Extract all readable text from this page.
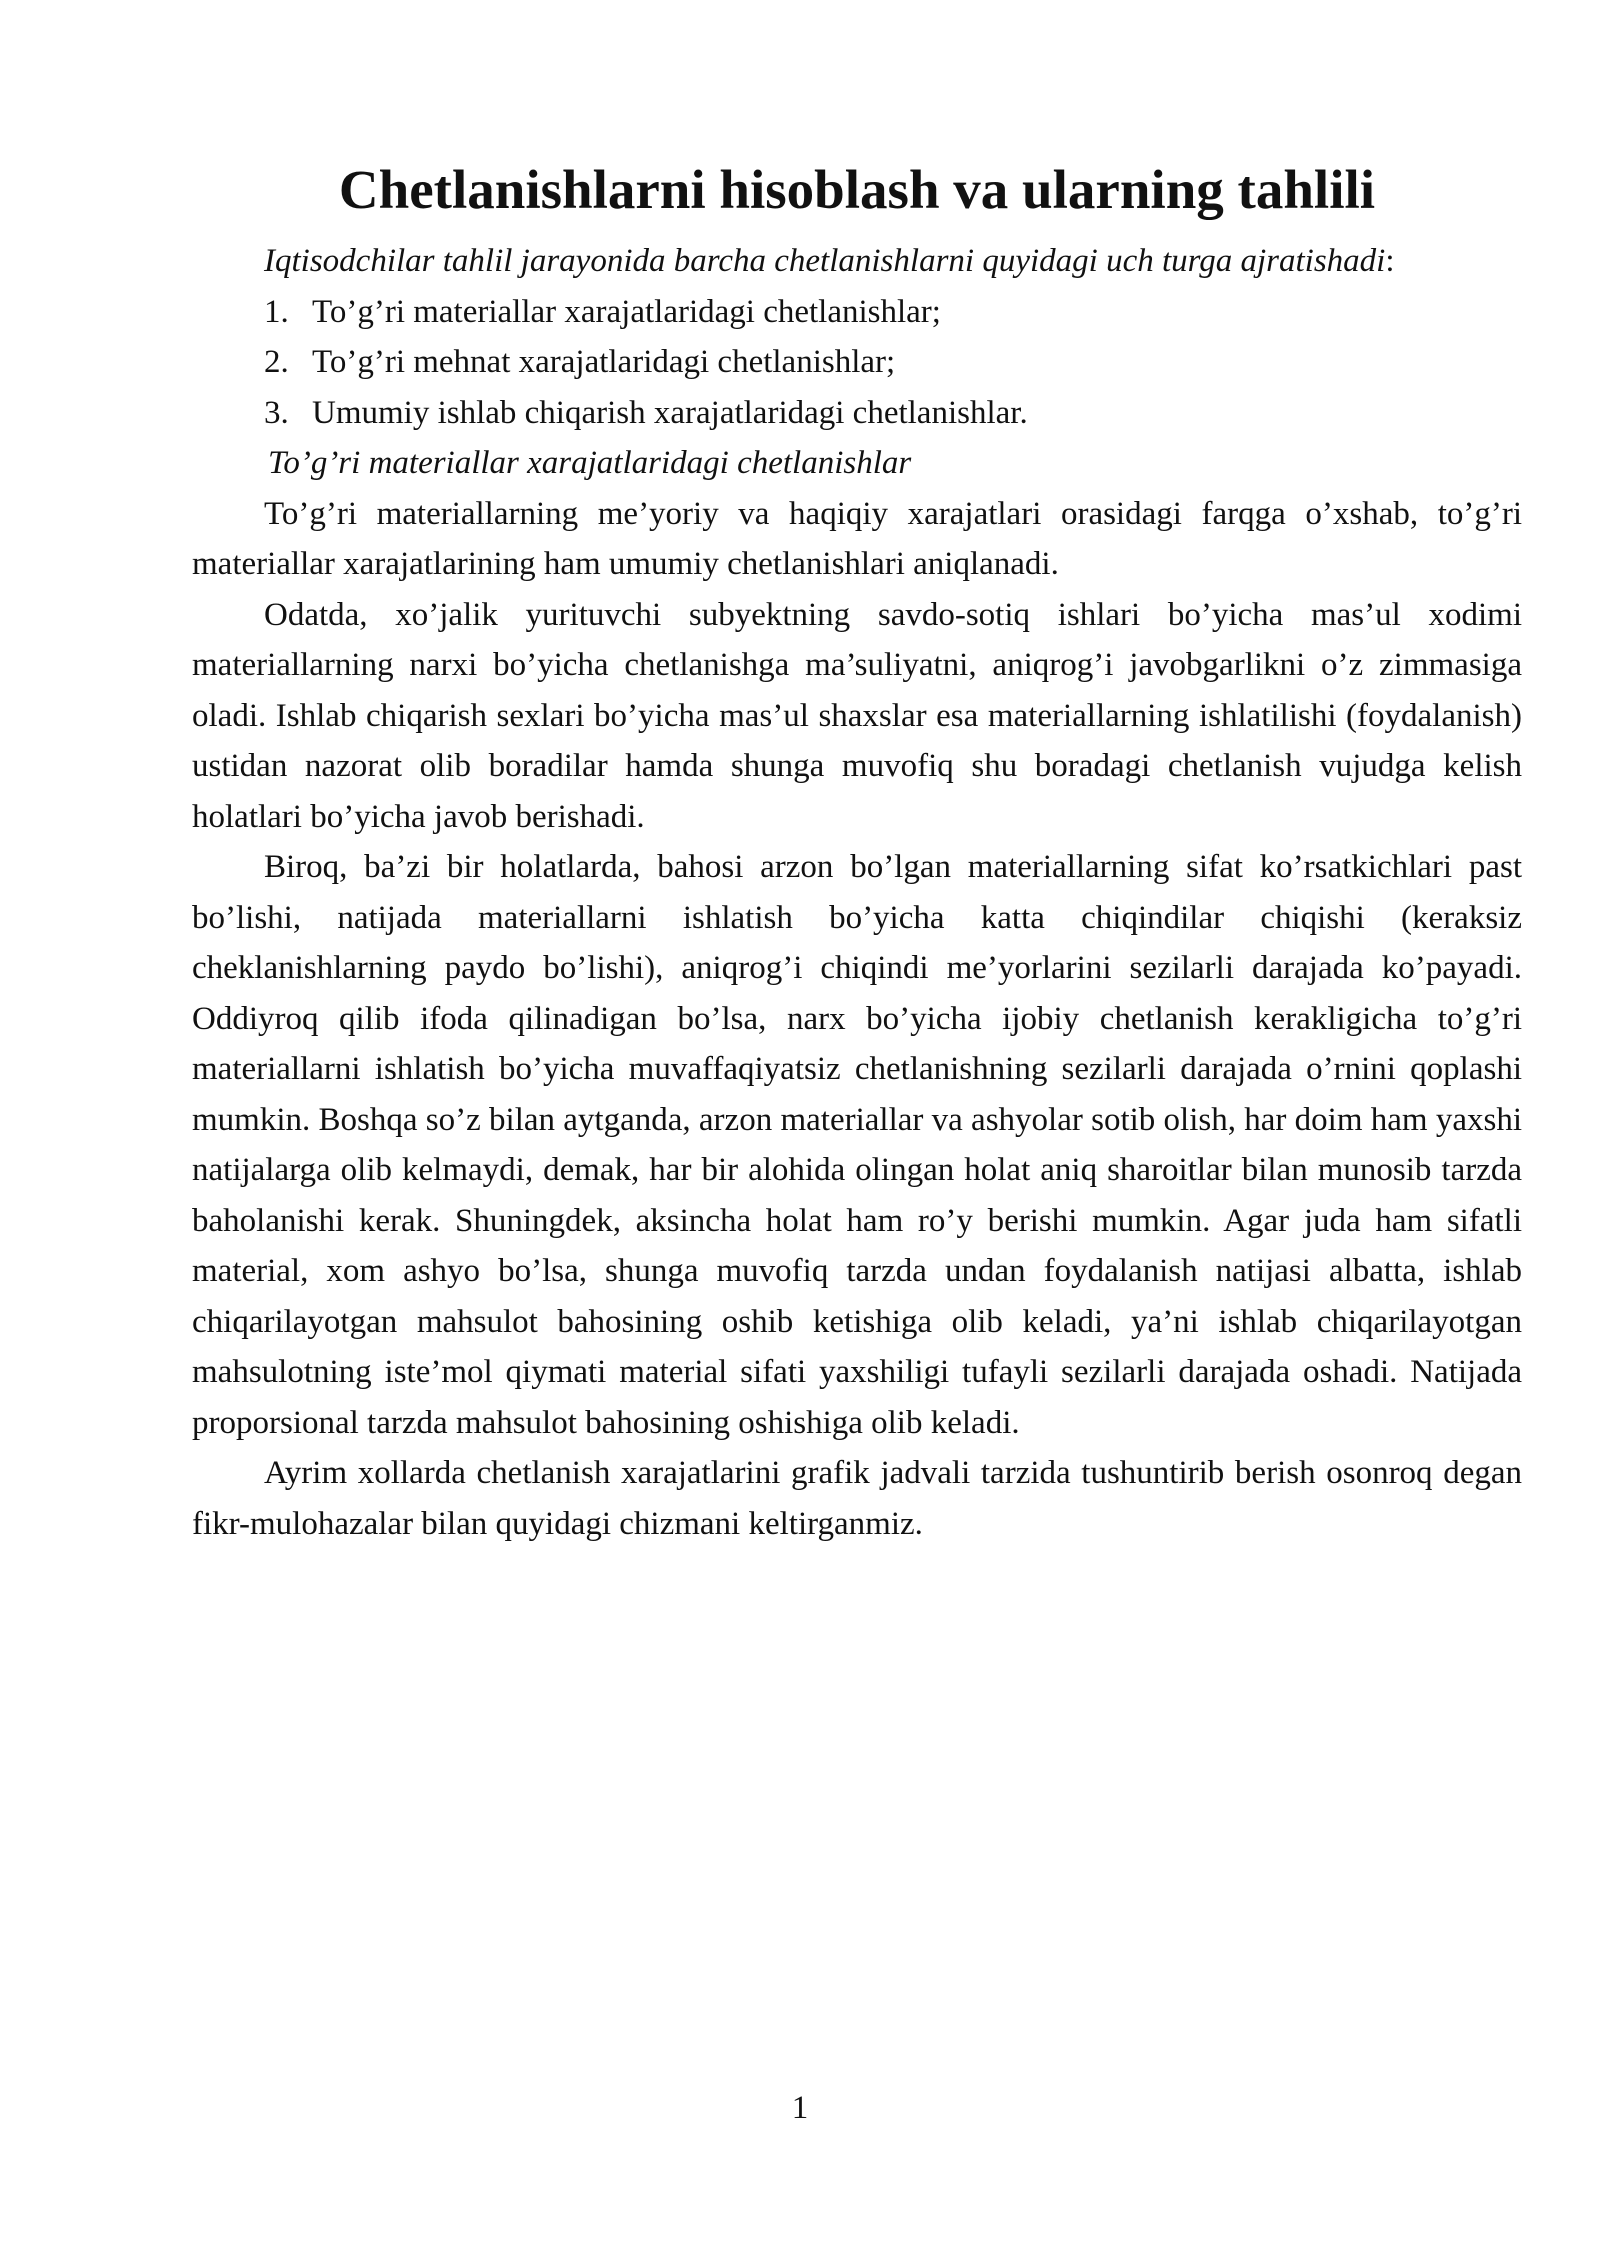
Chetlanishlarni hisoblash va ularning tahlili

Iqtisodchilar tahlil jarayonida barcha chetlanishlarni quyidagi uch turga ajratishadi:

1. To’g’ri materiallar xarajatlaridagi chetlanishlar;
2. To’g’ri mehnat xarajatlaridagi chetlanishlar;
3. Umumiy ishlab chiqarish xarajatlaridagi chetlanishlar.

To’g’ri materiallar xarajatlaridagi chetlanishlar

To’g’ri materiallarning me’yoriy va haqiqiy xarajatlari orasidagi farqga o’xshab, to’g’ri materiallar xarajatlarining ham umumiy chetlanishlari aniqlanadi.

Odatda, xo’jalik yurituvchi subyektning savdo-sotiq ishlari bo’yicha mas’ul xodimi materiallarning narxi bo’yicha chetlanishga ma’suliyatni, aniqrog’i javobgarlikni o’z zimmasiga oladi. Ishlab chiqarish sexlari bo’yicha mas’ul shaxslar esa materiallarning ishlatilishi (foydalanish) ustidan nazorat olib boradilar hamda shunga muvofiq shu boradagi chetlanish vujudga kelish holatlari bo’yicha javob berishadi.

Biroq, ba’zi bir holatlarda, bahosi arzon bo’lgan materiallarning sifat ko’rsatkichlari past bo’lishi, natijada materiallarni ishlatish bo’yicha katta chiqindilar chiqishi (keraksiz cheklanishlarning paydo bo’lishi), aniqrog’i chiqindi me’yorlarini sezilarli darajada ko’payadi. Oddiyroq qilib ifoda qilinadigan bo’lsa, narx bo’yicha ijobiy chetlanish kerakligicha to’g’ri materiallarni ishlatish bo’yicha muvaffaqiyatsiz chetlanishning sezilarli darajada o’rnini qoplashi mumkin. Boshqa so’z bilan aytganda, arzon materiallar va ashyolar sotib olish, har doim ham yaxshi natijalarga olib kelmaydi, demak, har bir alohida olingan holat aniq sharoitlar bilan munosib tarzda baholanishi kerak. Shuningdek, aksincha holat ham ro’y berishi mumkin. Agar juda ham sifatli material, xom ashyo bo’lsa, shunga muvofiq tarzda undan foydalanish natijasi albatta, ishlab chiqarilayotgan mahsulot bahosining oshib ketishiga olib keladi, ya’ni ishlab chiqarilayotgan mahsulotning iste’mol qiymati material sifati yaxshiligi tufayli sezilarli darajada oshadi. Natijada proporsional tarzda mahsulot bahosining oshishiga olib keladi.

Ayrim xollarda chetlanish xarajatlarini grafik jadvali tarzida tushuntirib berish osonroq degan fikr-mulohazalar bilan quyidagi chizmani keltirganmiz.

1
